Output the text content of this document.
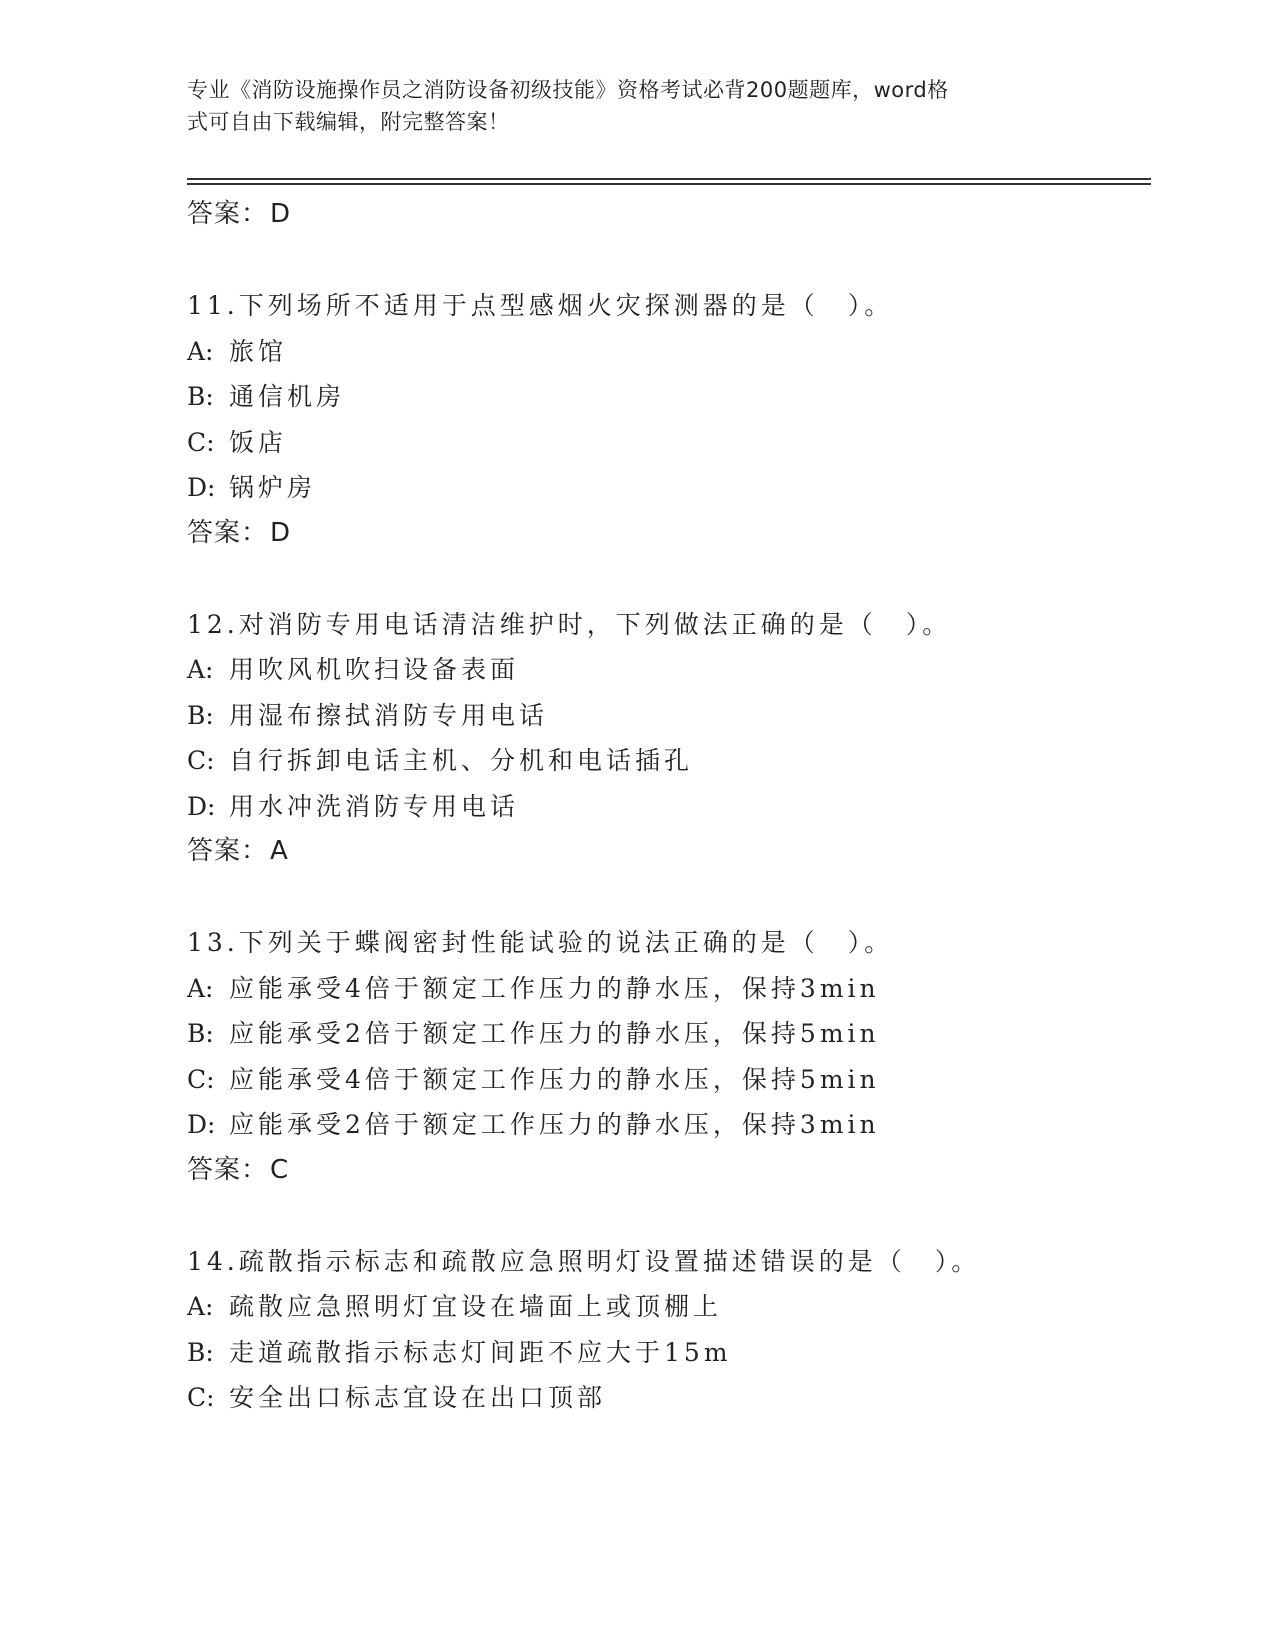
专业《消防设施操作员之消防设备初级技能》资格考试必背200题题库，word格
式可自由下载编辑，附完整答案！
答案：D
11.下列场所不适用于点型感烟火灾探测器的是（　）。
A: 旅馆
B: 通信机房
C: 饭店
D: 锅炉房
答案：D
12.对消防专用电话清洁维护时，下列做法正确的是（　）。
A: 用吹风机吹扫设备表面
B: 用湿布擦拭消防专用电话
C: 自行拆卸电话主机、分机和电话插孔
D: 用水冲洗消防专用电话
答案：A
13.下列关于蝶阀密封性能试验的说法正确的是（　）。
A: 应能承受4倍于额定工作压力的静水压，保持3min
B: 应能承受2倍于额定工作压力的静水压，保持5min
C: 应能承受4倍于额定工作压力的静水压，保持5min
D: 应能承受2倍于额定工作压力的静水压，保持3min
答案：C
14.疏散指示标志和疏散应急照明灯设置描述错误的是（　）。
A: 疏散应急照明灯宜设在墙面上或顶棚上
B: 走道疏散指示标志灯间距不应大于15m
C: 安全出口标志宜设在出口顶部
